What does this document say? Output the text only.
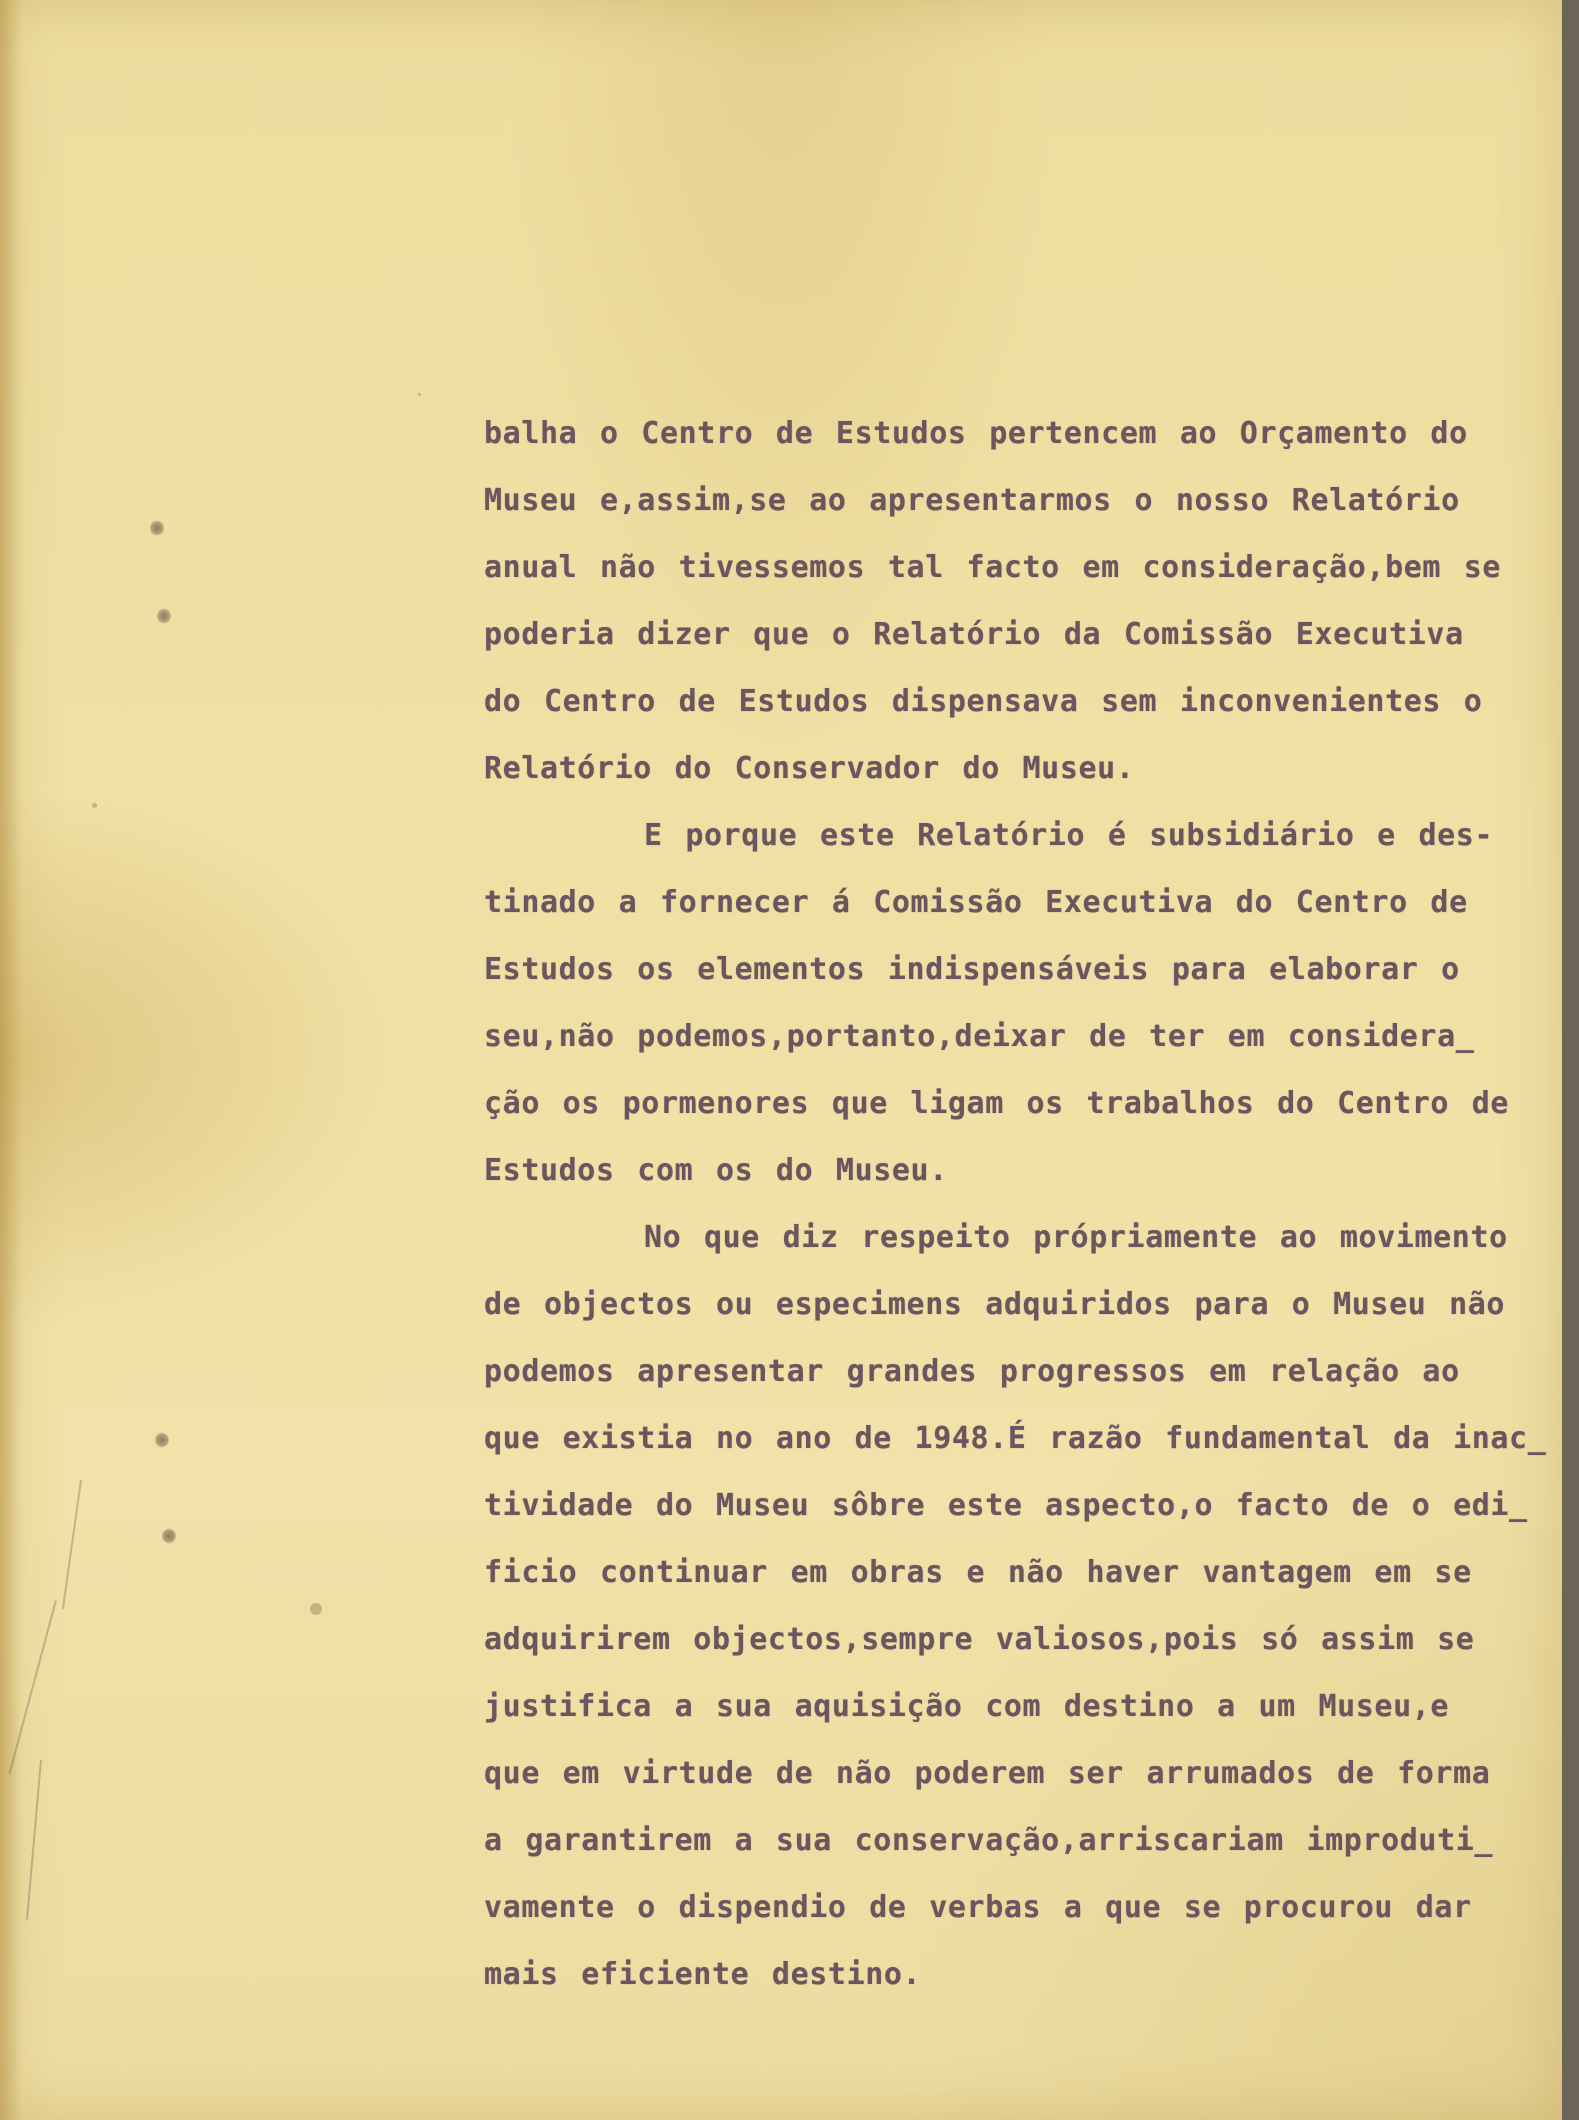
balha o Centro de Estudos pertencem ao Orçamento do
Museu e,assim,se ao apresentarmos o nosso Relatório
anual não tivessemos tal facto em consideração,bem se
poderia dizer que o Relatório da Comissão Executiva
do Centro de Estudos dispensava sem inconvenientes o
Relatório do Conservador do Museu.
E porque este Relatório é subsidiário e des-
tinado a fornecer á Comissão Executiva do Centro de
Estudos os elementos indispensáveis para elaborar o
seu,não podemos,portanto,deixar de ter em considera_
ção os pormenores que ligam os trabalhos do Centro de
Estudos com os do Museu.
No que diz respeito própriamente ao movimento
de objectos ou especimens adquiridos para o Museu não
podemos apresentar grandes progressos em relação ao
que existia no ano de 1948.É razão fundamental da inac_
tividade do Museu sôbre este aspecto,o facto de o edi_
ficio continuar em obras e não haver vantagem em se
adquirirem objectos,sempre valiosos,pois só assim se
justifica a sua aquisição com destino a um Museu,e
que em virtude de não poderem ser arrumados de forma
a garantirem a sua conservação,arriscariam improduti_
vamente o dispendio de verbas a que se procurou dar
mais eficiente destino.
